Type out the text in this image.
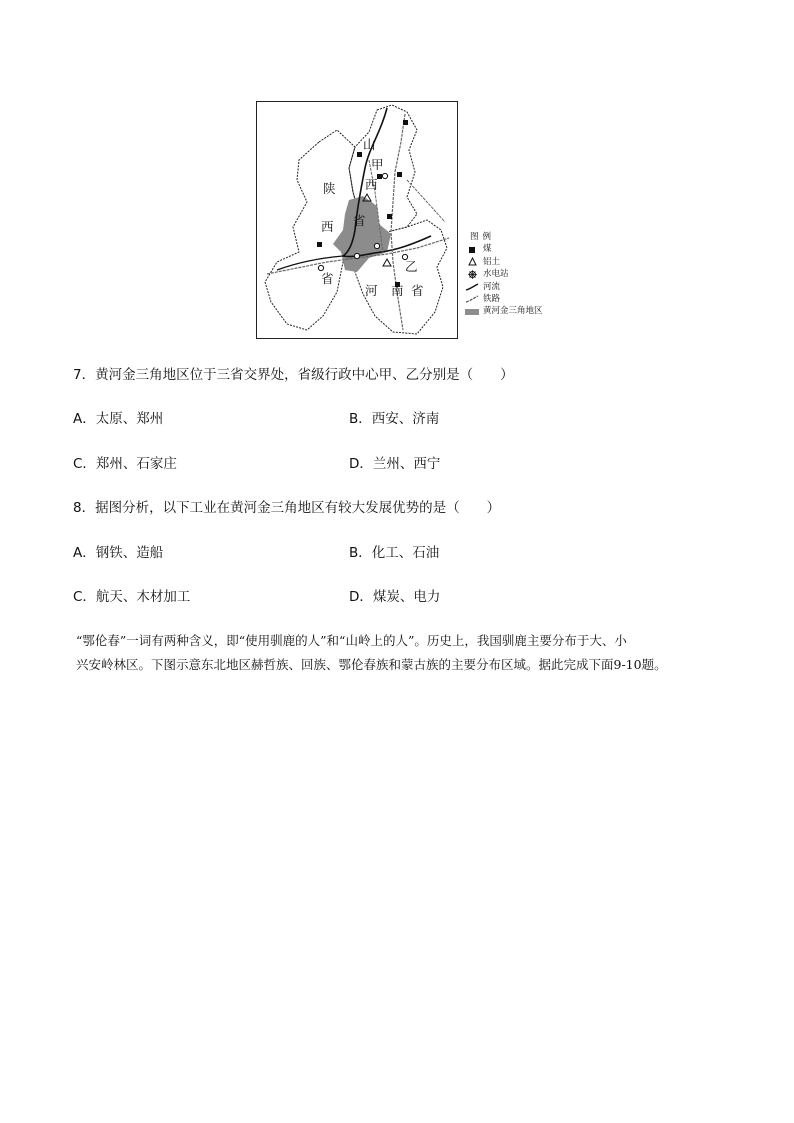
山
甲
西
陕
省
西
省
河 南 省
乙
图例
煤
铝土
水电站
河流
铁路
黄河金三角地区
7．黄河金三角地区位于三省交界处，省级行政中心甲、乙分别是（　　）
A．太原、郑州	B．西安、济南
C．郑州、石家庄	D．兰州、西宁
8．据图分析，以下工业在黄河金三角地区有较大发展优势的是（　　）
A．钢铁、造船	B．化工、石油
C．航天、木材加工	D．煤炭、电力
“鄂伦春”一词有两种含义，即“使用驯鹿的人”和“山岭上的人”。历史上，我国驯鹿主要分布于大、小
兴安岭林区。下图示意东北地区赫哲族、回族、鄂伦春族和蒙古族的主要分布区域。据此完成下面9-10题。
